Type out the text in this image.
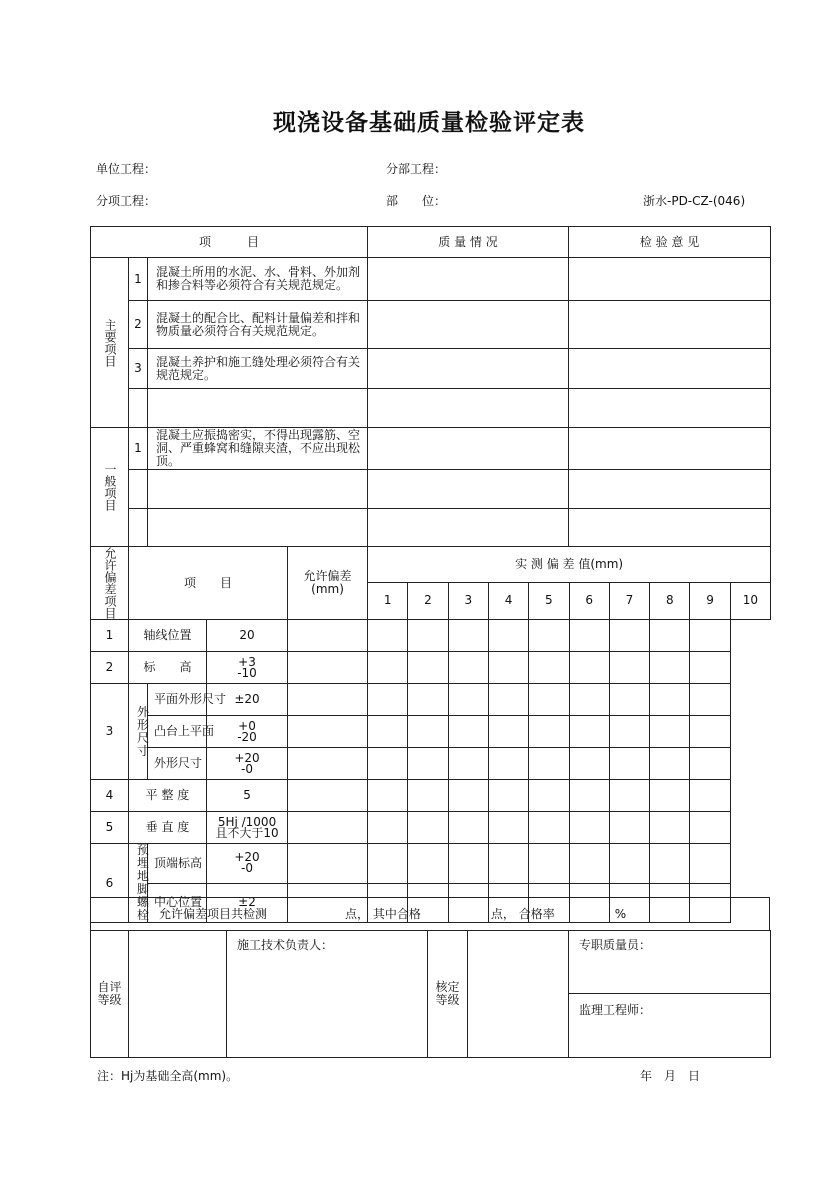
现浇设备基础质量检验评定表
单位工程：	分部工程：
分项工程：	部　　位：	浙水-PD-CZ-(046)
项　　　目			质 量 情 况	检 验 意 见

主要项目	1	混凝土所用的水泥、水、骨料、外加剂和掺合料等必须符合有关规范规定。		
	2	混凝土的配合比、配料计量偏差和拌和物质量必须符合有关规范规定。		
	3	混凝土养护和施工缝处理必须符合有关规范规定。		

一般项目	1	混凝土应振捣密实，不得出现露筋、空洞、严重蜂窝和缝隙夹渣，不应出现松顶。		

允许偏差项目	项　　目			允许偏差(mm)	实 测 偏 差 值(mm)									
					1	2	3	4	5	6	7	8	9	10
1	轴线位置		20											
2	标　　高		+3
-10											
3	外形尺寸	平面外形尺寸	±20											
		凸台上平面	+0
-20											
		外形尺寸	+20
-0											
4	平 整 度		5											
5	垂 直 度		5Hj /1000
且不大于10											
6	预埋地脚螺栓	顶端标高	+20
-0											
		中心位置	±2											
允许偏差项目共检测	点， 其中合格	点， 合格率	%
自评等级		施工技术负责人：	核定等级		专职质量员：
监理工程师：
注：Hj为基础全高(mm)。	年　月　日
